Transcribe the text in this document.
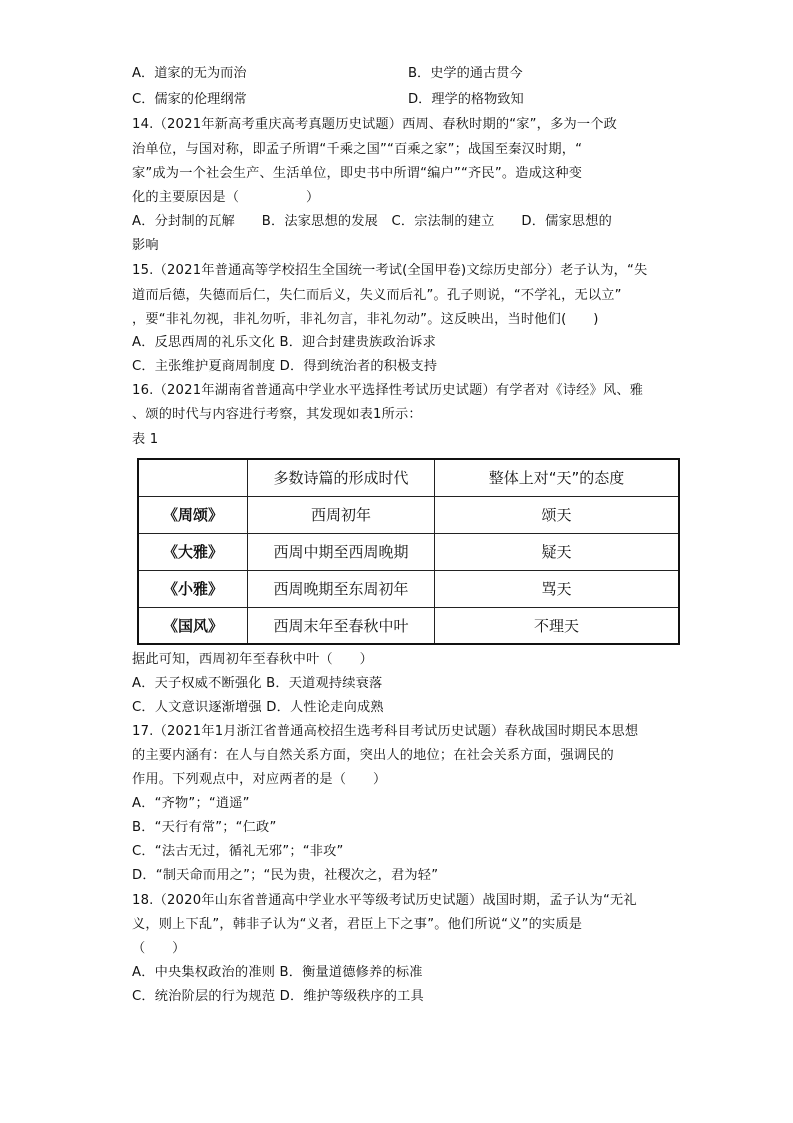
A．道家的无为而治	B．史学的通古贯今
C．儒家的伦理纲常	D．理学的格物致知
14.（2021年新高考重庆高考真题历史试题）西周、春秋时期的“家”，多为一个政
治单位，与国对称，即孟子所谓“千乘之国”“百乘之家”；战国至秦汉时期，“
家”成为一个社会生产、生活单位，即史书中所谓“编户”“齐民”。造成这种变
化的主要原因是（　　　　　）
A．分封制的瓦解　　B．法家思想的发展　C．宗法制的建立　　D．儒家思想的
影响
15.（2021年普通高等学校招生全国统一考试(全国甲卷)文综历史部分）老子认为，“失
道而后德，失德而后仁，失仁而后义，失义而后礼”。孔子则说，“不学礼，无以立”
，要“非礼勿视，非礼勿听，非礼勿言，非礼勿动”。这反映出，当时他们(　　)
A．反思西周的礼乐文化 B．迎合封建贵族政治诉求
C．主张维护夏商周制度 D．得到统治者的积极支持
16.（2021年湖南省普通高中学业水平选择性考试历史试题）有学者对《诗经》风、雅
、颂的时代与内容进行考察，其发现如表1所示：
表 1
	多数诗篇的形成时代	整体上对“天”的态度
《周颂》	西周初年	颂天
《大雅》	西周中期至西周晚期	疑天
《小雅》	西周晚期至东周初年	骂天
《国风》	西周末年至春秋中叶	不理天
据此可知，西周初年至春秋中叶（　　）
A．天子权威不断强化 B．天道观持续衰落
C．人文意识逐渐增强 D．人性论走向成熟
17.（2021年1月浙江省普通高校招生选考科目考试历史试题）春秋战国时期民本思想
的主要内涵有：在人与自然关系方面，突出人的地位；在社会关系方面，强调民的
作用。下列观点中，对应两者的是（　　）
A．“齐物”；“逍遥”
B．“天行有常”；“仁政”
C．“法古无过，循礼无邪”；“非攻”
D．“制天命而用之”；“民为贵，社稷次之，君为轻”
18.（2020年山东省普通高中学业水平等级考试历史试题）战国时期，孟子认为“无礼
义，则上下乱”，韩非子认为“义者，君臣上下之事”。他们所说“义”的实质是
（　　）
A．中央集权政治的准则 B．衡量道德修养的标准
C．统治阶层的行为规范 D．维护等级秩序的工具
